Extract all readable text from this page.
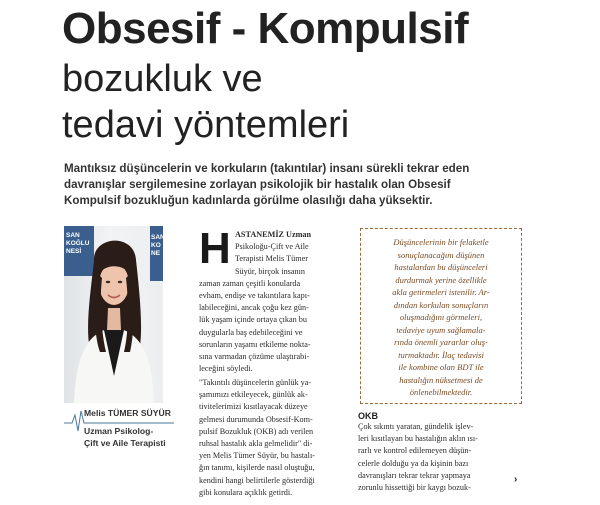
Obsesif - Kompulsif
bozukluk ve
tedavi yöntemleri
Mantıksız düşüncelerin ve korkuların (takıntılar) insanı sürekli tekrar eden
davranışlar sergilemesine zorlayan psikolojik bir hastalık olan Obsesif
Kompulsif bozukluğun kadınlarda görülme olasılığı daha yüksektir.
SAN
KOĞLU
NESİ
SAN
KO
NE
Melis TÜMER SÜYÜR
Uzman Psikolog-
Çift ve Aile Terapisti
H ASTANEMİZ Uzman
Psikoloğu-Çift ve Aile
Terapisti Melis Tümer
Süyür, birçok insanın
zaman zaman çeşitli konularda
evham, endişe ve takıntılara kapı-
labileceğini, ancak çoğu kez gün-
lük yaşam içinde ortaya çıkan bu
duygularla baş edebileceğini ve
sorunların yaşamı etkileme nokta-
sına varmadan çözüme ulaştırabi-
leceğini söyledi.
"Takıntılı düşüncelerin günlük ya-
şamımızı etkileyecek, günlük ak-
tivitelerimizi kısıtlayacak düzeye
gelmesi durumunda Obsesif-Kom-
pulsif Bozukluk (OKB) adı verilen
ruhsal hastalık akla gelmelidir" di-
yen Melis Tümer Süyür, bu hastalı-
ğın tanımı, kişilerde nasıl oluştuğu,
kendini hangi belirtilerle gösterdiği
gibi konulara açıklık getirdi.
Düşüncelerinin bir felaketle
sonuçlanacağını düşünen
hastalardan bu düşünceleri
durdurmak yerine özellikle
akla getirmeleri istenilir. Ar-
dından korkulan sonuçların
oluşmadığını görmeleri,
tedaviye uyum sağlamala-
rında önemli yararlar oluş-
turmaktadır. İlaç tedavisi
ile kombine olan BDT ile
hastalığın nüksetmesi de
önlenebilmektedir.
OKB
Çok sıkıntı yaratan, gündelik işlev-
leri kısıtlayan bu hastalığın aklın ısı-
rarlı ve kontrol edilemeyen düşün-
celerle dolduğu ya da kişinin bazı
davranışları tekrar tekrar yapmaya
zorunlu hissettiği bir kaygı bozuk-
›
